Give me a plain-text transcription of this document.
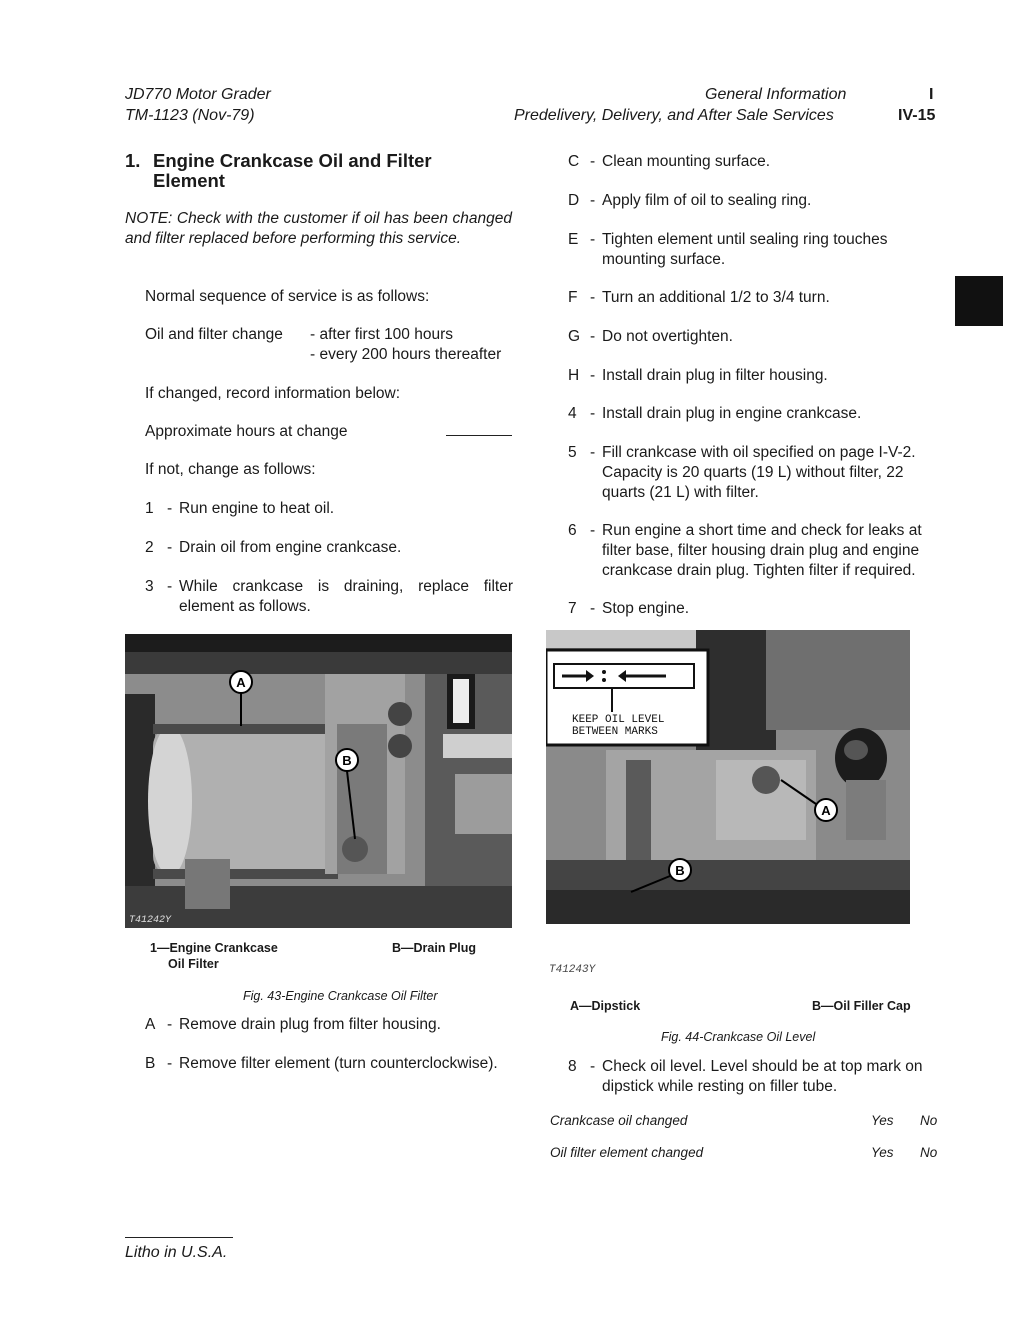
JD770 Motor Grader
TM-1123 (Nov-79)
General Information
Predelivery, Delivery, and After Sale Services
I
IV-15
1. Engine Crankcase Oil and Filter
Element
NOTE: Check with the customer if oil has been changed and filter replaced before performing this service.
Normal sequence of service is as follows:
Oil and filter change - after first 100 hours
- every 200 hours thereafter
If changed, record information below:
Approximate hours at change
If not, change as follows:
1 - Run engine to heat oil.
2 - Drain oil from engine crankcase.
3 - While crankcase is draining, replace filter element as follows.
T41242Y
A
B
1—Engine Crankcase
Oil Filter
B—Drain Plug
Fig. 43-Engine Crankcase Oil Filter
A - Remove drain plug from filter housing.
B - Remove filter element (turn counterclockwise).
C - Clean mounting surface.
D - Apply film of oil to sealing ring.
E - Tighten element until sealing ring touches mounting surface.
F - Turn an additional 1/2 to 3/4 turn.
G - Do not overtighten.
H - Install drain plug in filter housing.
4 - Install drain plug in engine crankcase.
5 - Fill crankcase with oil specified on page I-V-2. Capacity is 20 quarts (19 L) without filter, 22 quarts (21 L) with filter.
6 - Run engine a short time and check for leaks at filter base, filter housing drain plug and engine crankcase drain plug. Tighten filter if required.
7 - Stop engine.
KEEP OIL LEVEL
BETWEEN MARKS
A
B
T41243Y
A—Dipstick	B—Oil Filler Cap
Fig. 44-Crankcase Oil Level
8 - Check oil level. Level should be at top mark on dipstick while resting on filler tube.
Crankcase oil changed	Yes No
Oil filter element changed	Yes No
Litho in U.S.A.
